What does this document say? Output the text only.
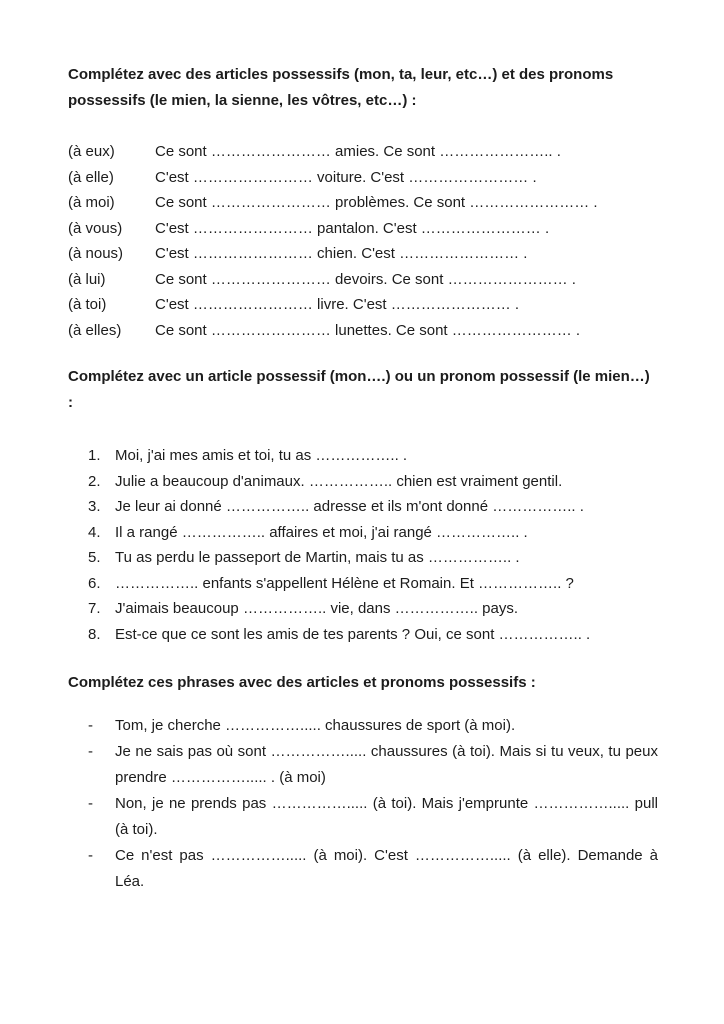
Complétez avec des articles possessifs (mon, ta, leur, etc…) et des pronoms possessifs (le mien, la sienne, les vôtres, etc…) :

(à eux)	Ce sont …………………… amies. Ce sont ………………….. .
(à elle)	C'est …………………… voiture. C'est …………………… .
(à moi)	Ce sont …………………… problèmes. Ce sont …………………… .
(à vous)	C'est …………………… pantalon. C'est …………………… .
(à nous)	C'est …………………… chien. C'est …………………… .
(à lui)	Ce sont …………………… devoirs. Ce sont …………………… .
(à toi)	C'est …………………… livre. C'est …………………… .
(à elles)	Ce sont …………………… lunettes. Ce sont …………………… .

Complétez avec un article possessif (mon….) ou un pronom possessif (le mien…) :

1. Moi, j'ai mes amis et toi, tu as …………….. .
2. Julie a beaucoup d'animaux. …………….. chien est vraiment gentil.
3. Je leur ai donné …………….. adresse et ils m'ont donné …………….. .
4. Il a rangé …………….. affaires et moi, j'ai rangé …………….. .
5. Tu as perdu le passeport de Martin, mais tu as …………….. .
6. …………….. enfants s'appellent Hélène et Romain. Et …………….. ?
7. J'aimais beaucoup …………….. vie, dans …………….. pays.
8. Est-ce que ce sont les amis de tes parents ? Oui, ce sont …………….. .

Complétez ces phrases avec des articles et pronoms possessifs :

-	Tom, je cherche ……………..... chaussures de sport (à moi).
-	Je ne sais pas où sont ……………..... chaussures (à toi). Mais si tu veux, tu peux prendre ……………..... . (à moi)
-	Non, je ne prends pas ……………..... (à toi). Mais j'emprunte ……………..... pull (à toi).
-	Ce n'est pas ……………..... (à moi). C'est ……………..... (à elle). Demande à Léa.
